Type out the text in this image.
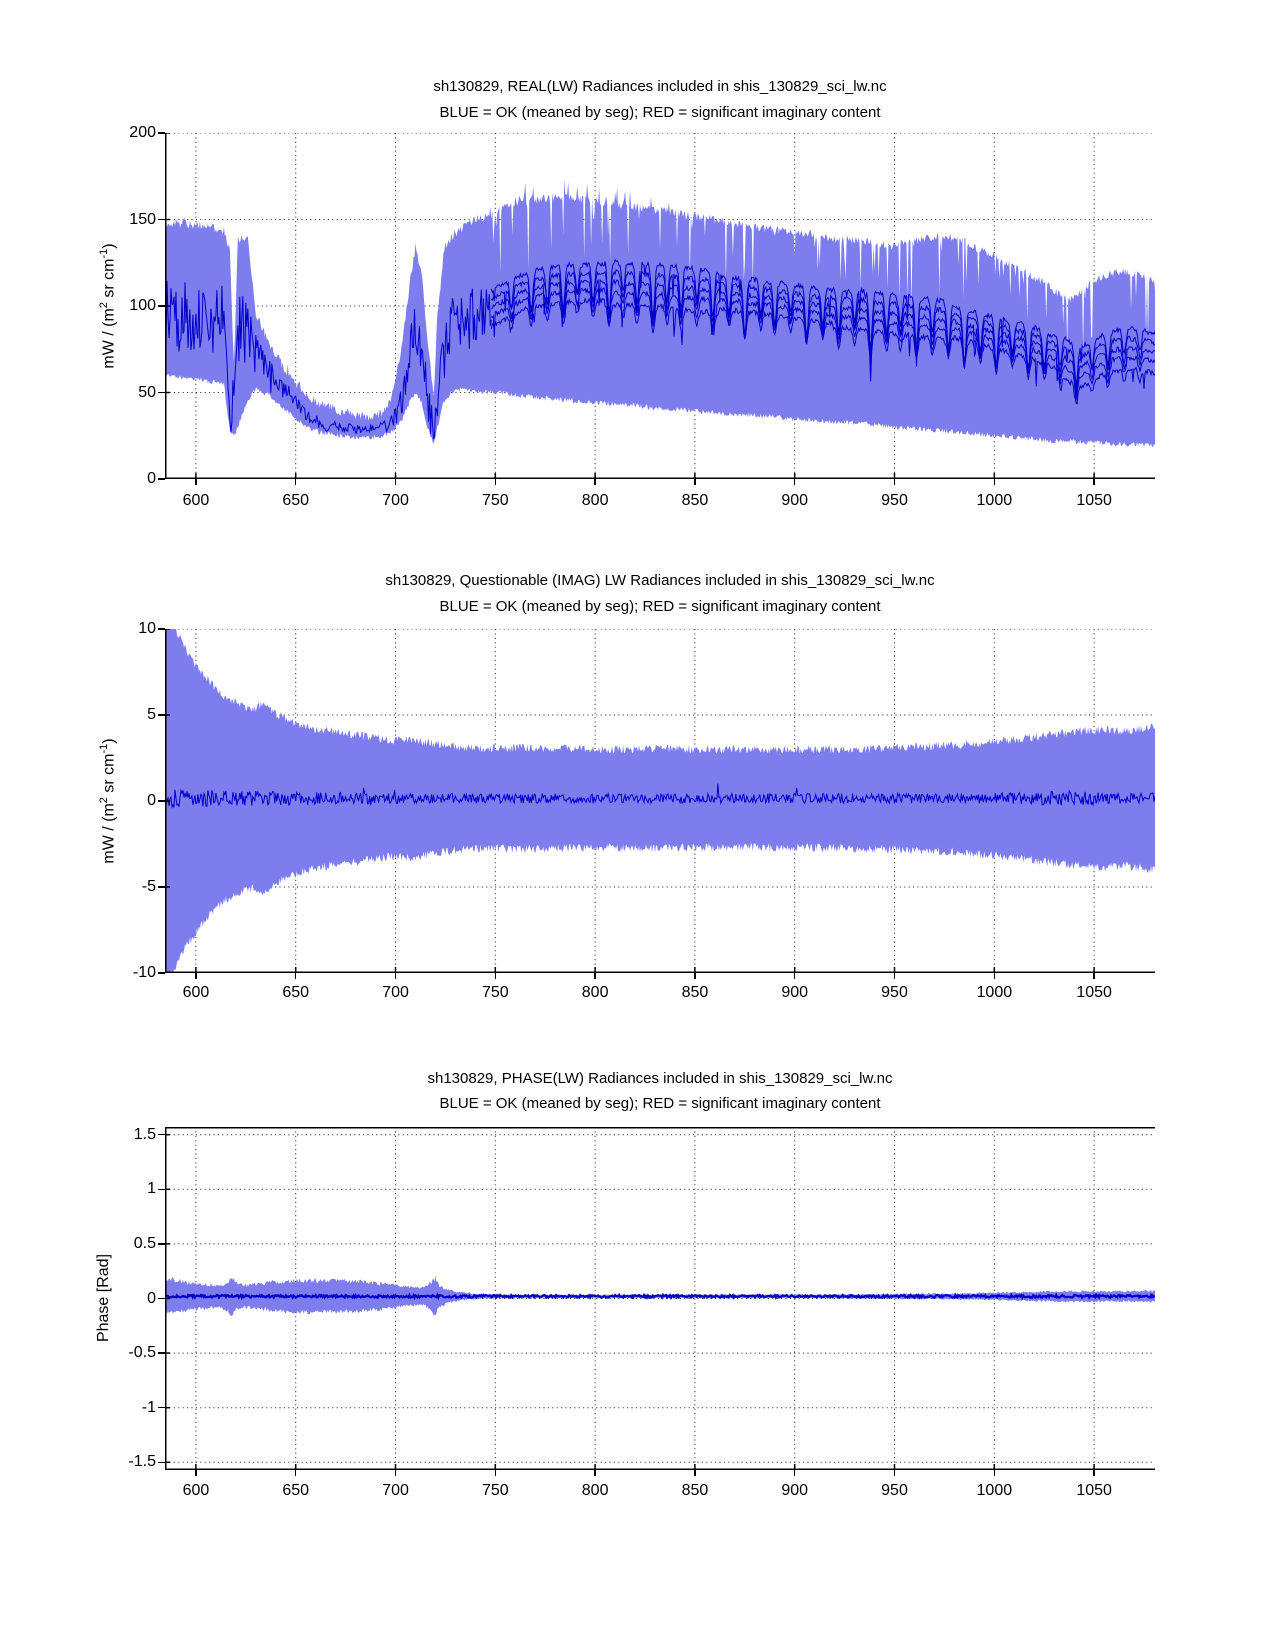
sh130829, REAL(LW) Radiances included in shis_130829_sci_lw.nc
BLUE = OK (meaned by seg); RED = significant imaginary content
No Questionable Radiances Detected	netcdf record ind:
mW / ($m^2$ sr $cm^{-1}$)
sh130829, Questionable (IMAG) LW Radiances included in shis_130829_sci_lw.nc
BLUE = OK (meaned by seg); RED = significant imaginary content
No Questionable Radiances Detected	netcdf record ind:
mW / ($m^2$ sr $cm^{-1}$)
sh130829, PHASE(LW) Radiances included in shis_130829_sci_lw.nc
BLUE = OK (meaned by seg); RED = significant imaginary content
No Questionable Radiances Detected	netcdf record ind:
Phase [Rad]
600	650	700	750	800	850	900	950	1000	1050
0
50
100
150
200
600	650	700	750	800	850	900	950	1000	1050
-10
-5
0
5
10
600	650	700	750	800	850	900	950	1000	1050
-1.5
-1
-0.5
0
0.5
1
1.5
